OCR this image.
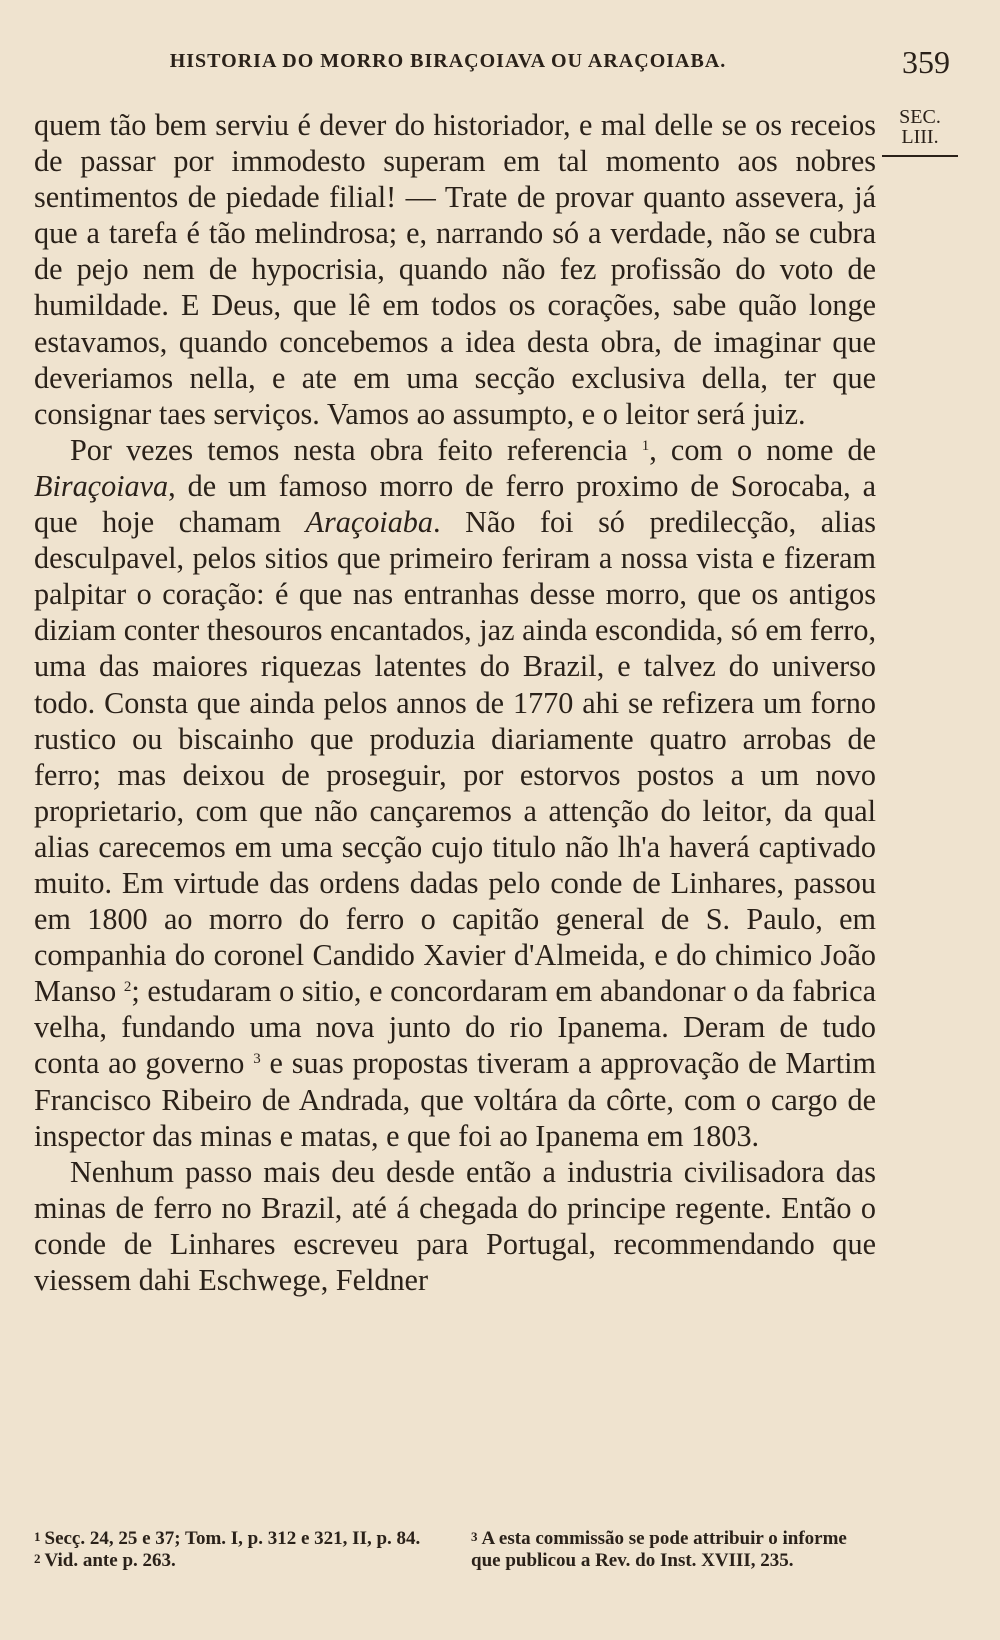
HISTORIA DO MORRO BIRAÇOIAVA OU ARAÇOIABA.	359
SEC.
LIII.

quem tão bem serviu é dever do historiador, e mal delle se os receios de passar por immodesto superam em tal momento aos nobres sentimentos de piedade filial! — Trate de provar quanto assevera, já que a tarefa é tão melindrosa; e, narrando só a verdade, não se cubra de pejo nem de hypocrisia, quando não fez profissão do voto de humildade. E Deus, que lê em todos os corações, sabe quão longe estavamos, quando concebemos a idea desta obra, de imaginar que deveriamos nella, e ate em uma secção exclusiva della, ter que consignar taes serviços. Vamos ao assumpto, e o leitor será juiz.

Por vezes temos nesta obra feito referencia $^1$, com o nome de Biraçoiava, de um famoso morro de ferro proximo de Sorocaba, a que hoje chamam Araçoiaba. Não foi só predilecção, alias desculpavel, pelos sitios que primeiro feriram a nossa vista e fizeram palpitar o coração: é que nas entranhas desse morro, que os antigos diziam conter thesouros encantados, jaz ainda escondida, só em ferro, uma das maiores riquezas latentes do Brazil, e talvez do universo todo. Consta que ainda pelos annos de 1770 ahi se refizera um forno rustico ou biscainho que produzia diariamente quatro arrobas de ferro; mas deixou de proseguir, por estorvos postos a um novo proprietario, com que não cançaremos a attenção do leitor, da qual alias carecemos em uma secção cujo titulo não lh'a haverá captivado muito. Em virtude das ordens dadas pelo conde de Linhares, passou em 1800 ao morro do ferro o capitão general de S. Paulo, em companhia do coronel Candido Xavier d'Almeida, e do chimico João Manso $^2$; estudaram o sitio, e concordaram em abandonar o da fabrica velha, fundando uma nova junto do rio Ipanema. Deram de tudo conta ao governo $^3$ e suas propostas tiveram a approvação de Martim Francisco Ribeiro de Andrada, que voltára da côrte, com o cargo de inspector das minas e matas, e que foi ao Ipanema em 1803.

Nenhum passo mais deu desde então a industria civilisadora das minas de ferro no Brazil, até á chegada do principe regente. Então o conde de Linhares escreveu para Portugal, recommendando que viessem dahi Eschwege, Feldner

$^1$ Secç. 24, 25 e 37; Tom. I, p. 312 e 321, II, p. 84.
$^2$ Vid. ante p. 263.
$^3$ A esta commissão se pode attribuir o informe que publicou a Rev. do Inst. XVIII, 235.
